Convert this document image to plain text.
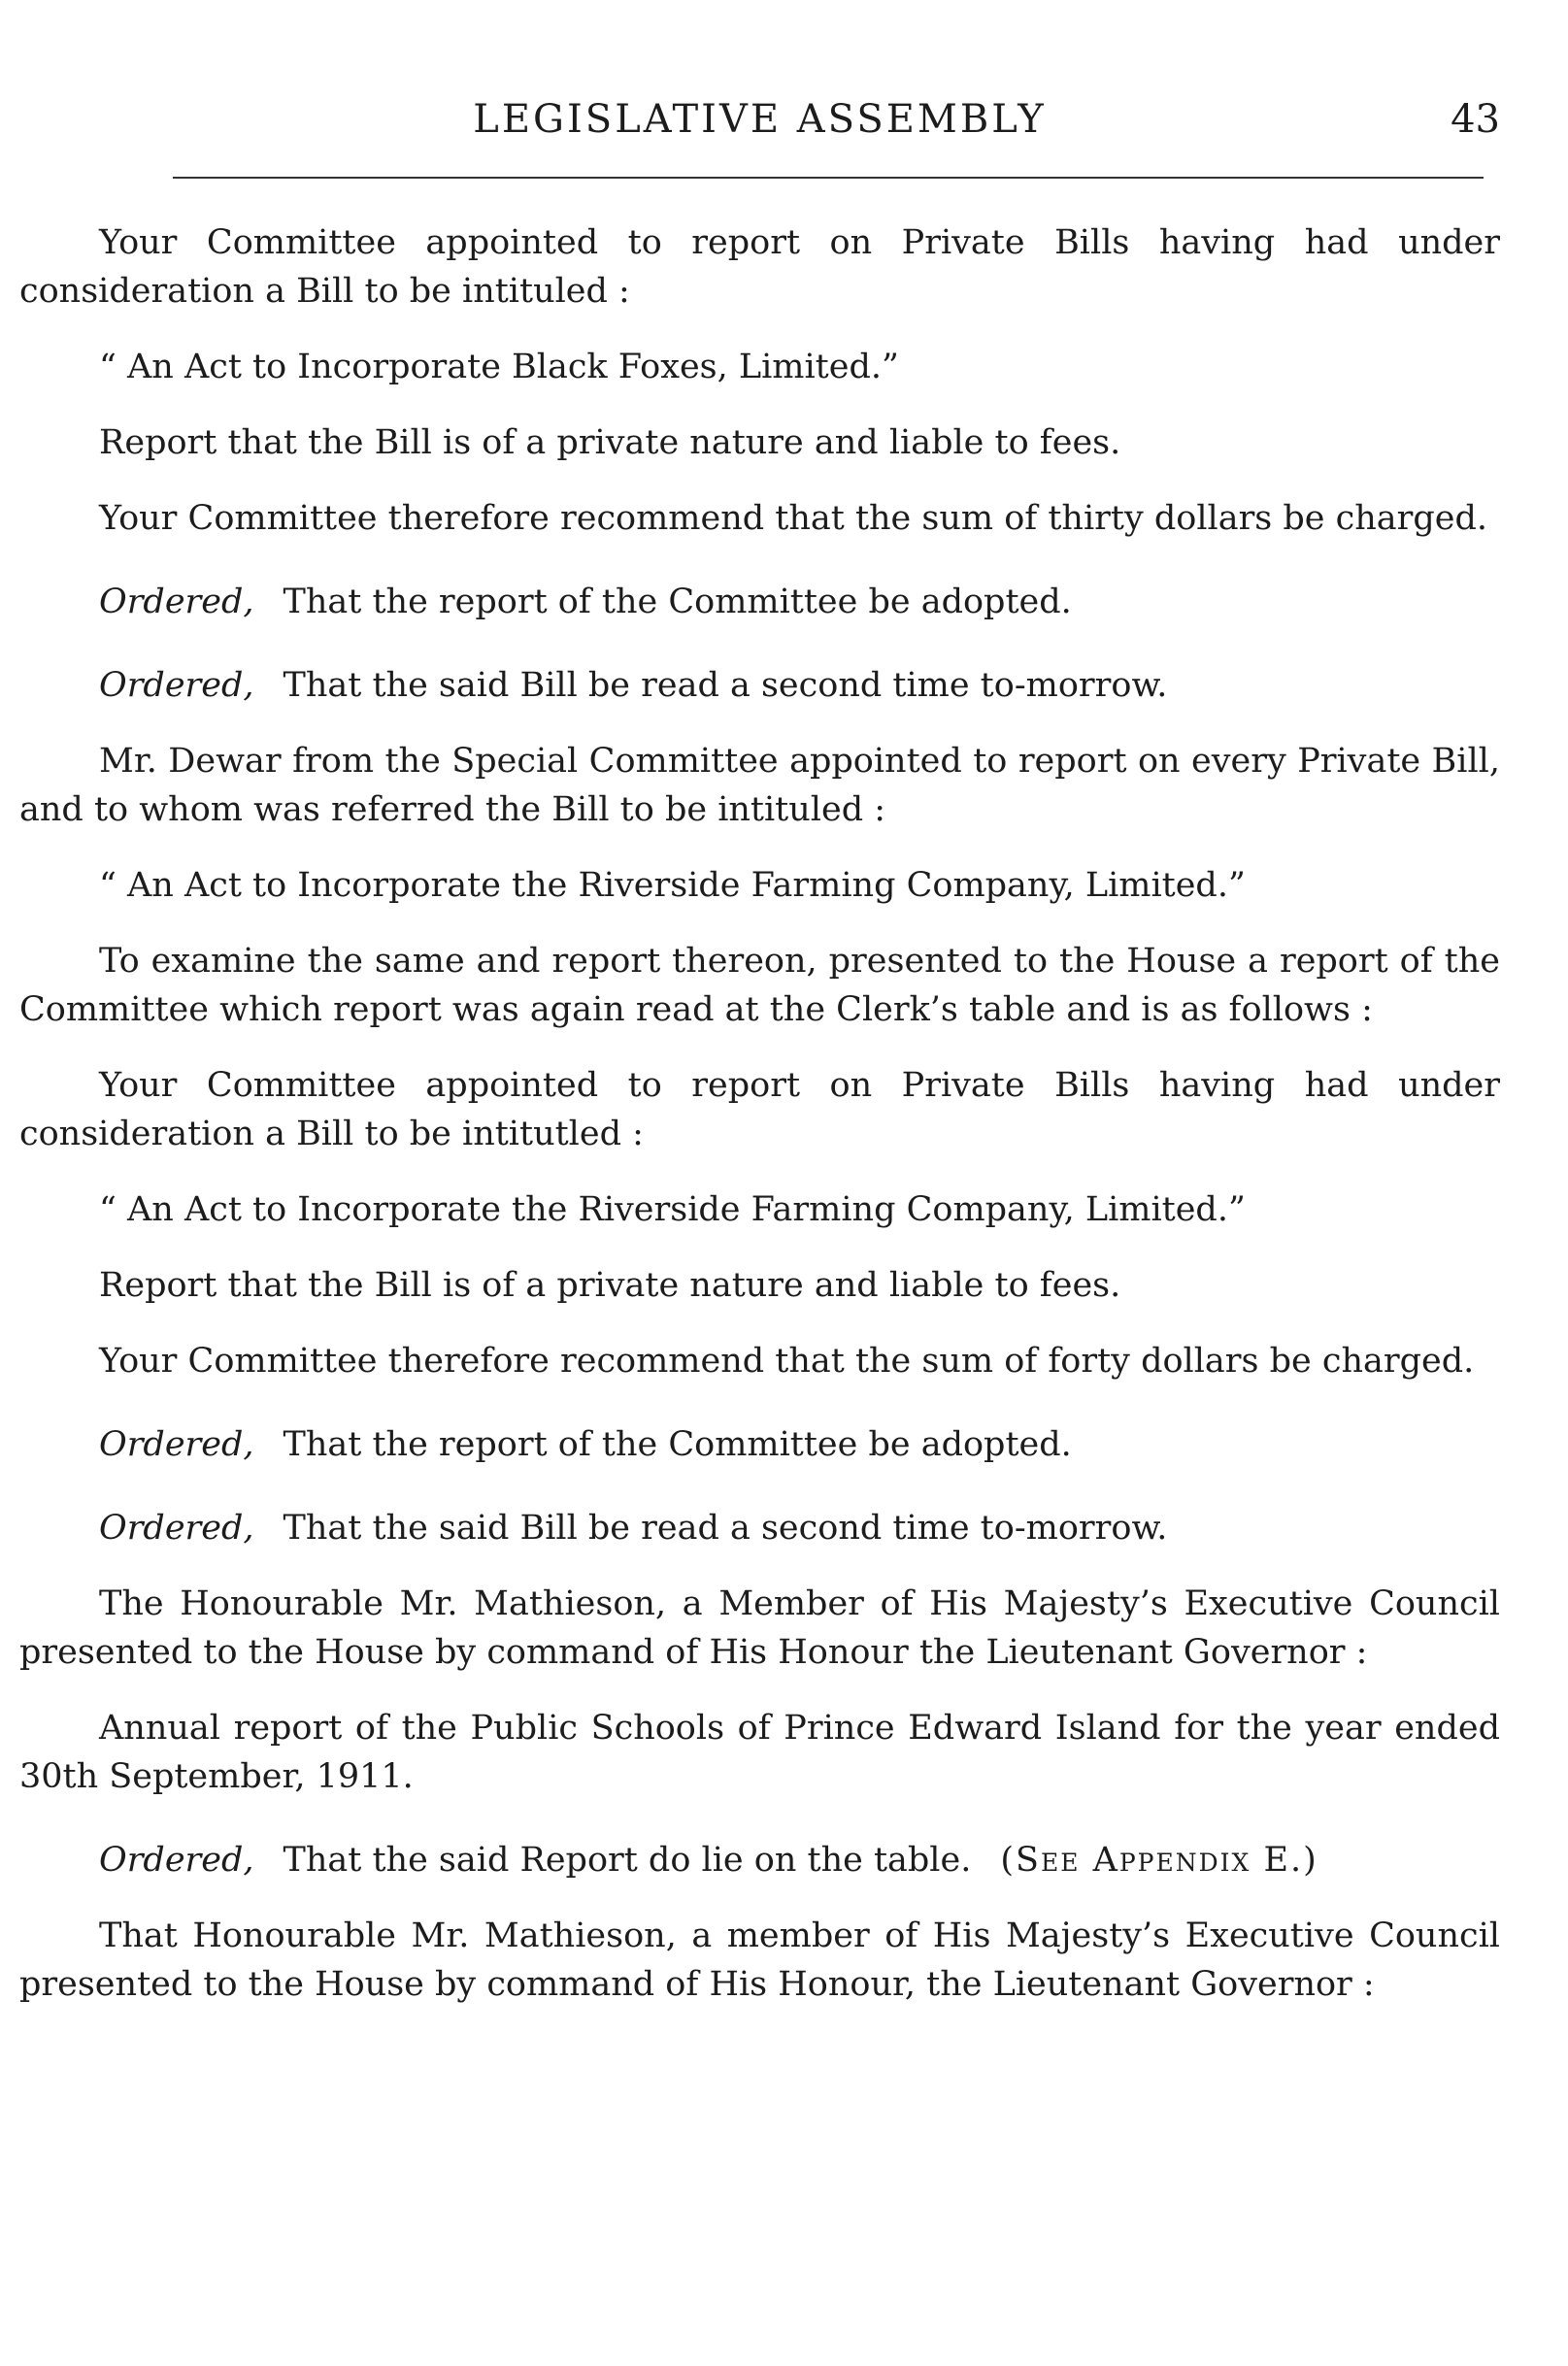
LEGISLATIVE ASSEMBLY	43

Your Committee appointed to report on Private Bills having had under consideration a Bill to be intituled :

“ An Act to Incorporate Black Foxes, Limited.”

Report that the Bill is of a private nature and liable to fees.

Your Committee therefore recommend that the sum of thirty dollars be charged.

Ordered, That the report of the Committee be adopted.

Ordered, That the said Bill be read a second time to-morrow.

Mr. Dewar from the Special Committee appointed to report on every Private Bill, and to whom was referred the Bill to be intituled :

“ An Act to Incorporate the Riverside Farming Company, Limited.”

To examine the same and report thereon, presented to the House a report of the Committee which report was again read at the Clerk’s table and is as follows :

Your Committee appointed to report on Private Bills having had under consideration a Bill to be intitutled :

“ An Act to Incorporate the Riverside Farming Company, Limited.”

Report that the Bill is of a private nature and liable to fees.

Your Committee therefore recommend that the sum of forty dollars be charged.

Ordered, That the report of the Committee be adopted.

Ordered, That the said Bill be read a second time to-morrow.

The Honourable Mr. Mathieson, a Member of His Majesty’s Executive Council presented to the House by command of His Honour the Lieutenant Governor :

Annual report of the Public Schools of Prince Edward Island for the year ended 30th September, 1911.

Ordered, That the said Report do lie on the table. (See Appendix E.)

That Honourable Mr. Mathieson, a member of His Majesty’s Executive Council presented to the House by command of His Honour, the Lieutenant Governor :
